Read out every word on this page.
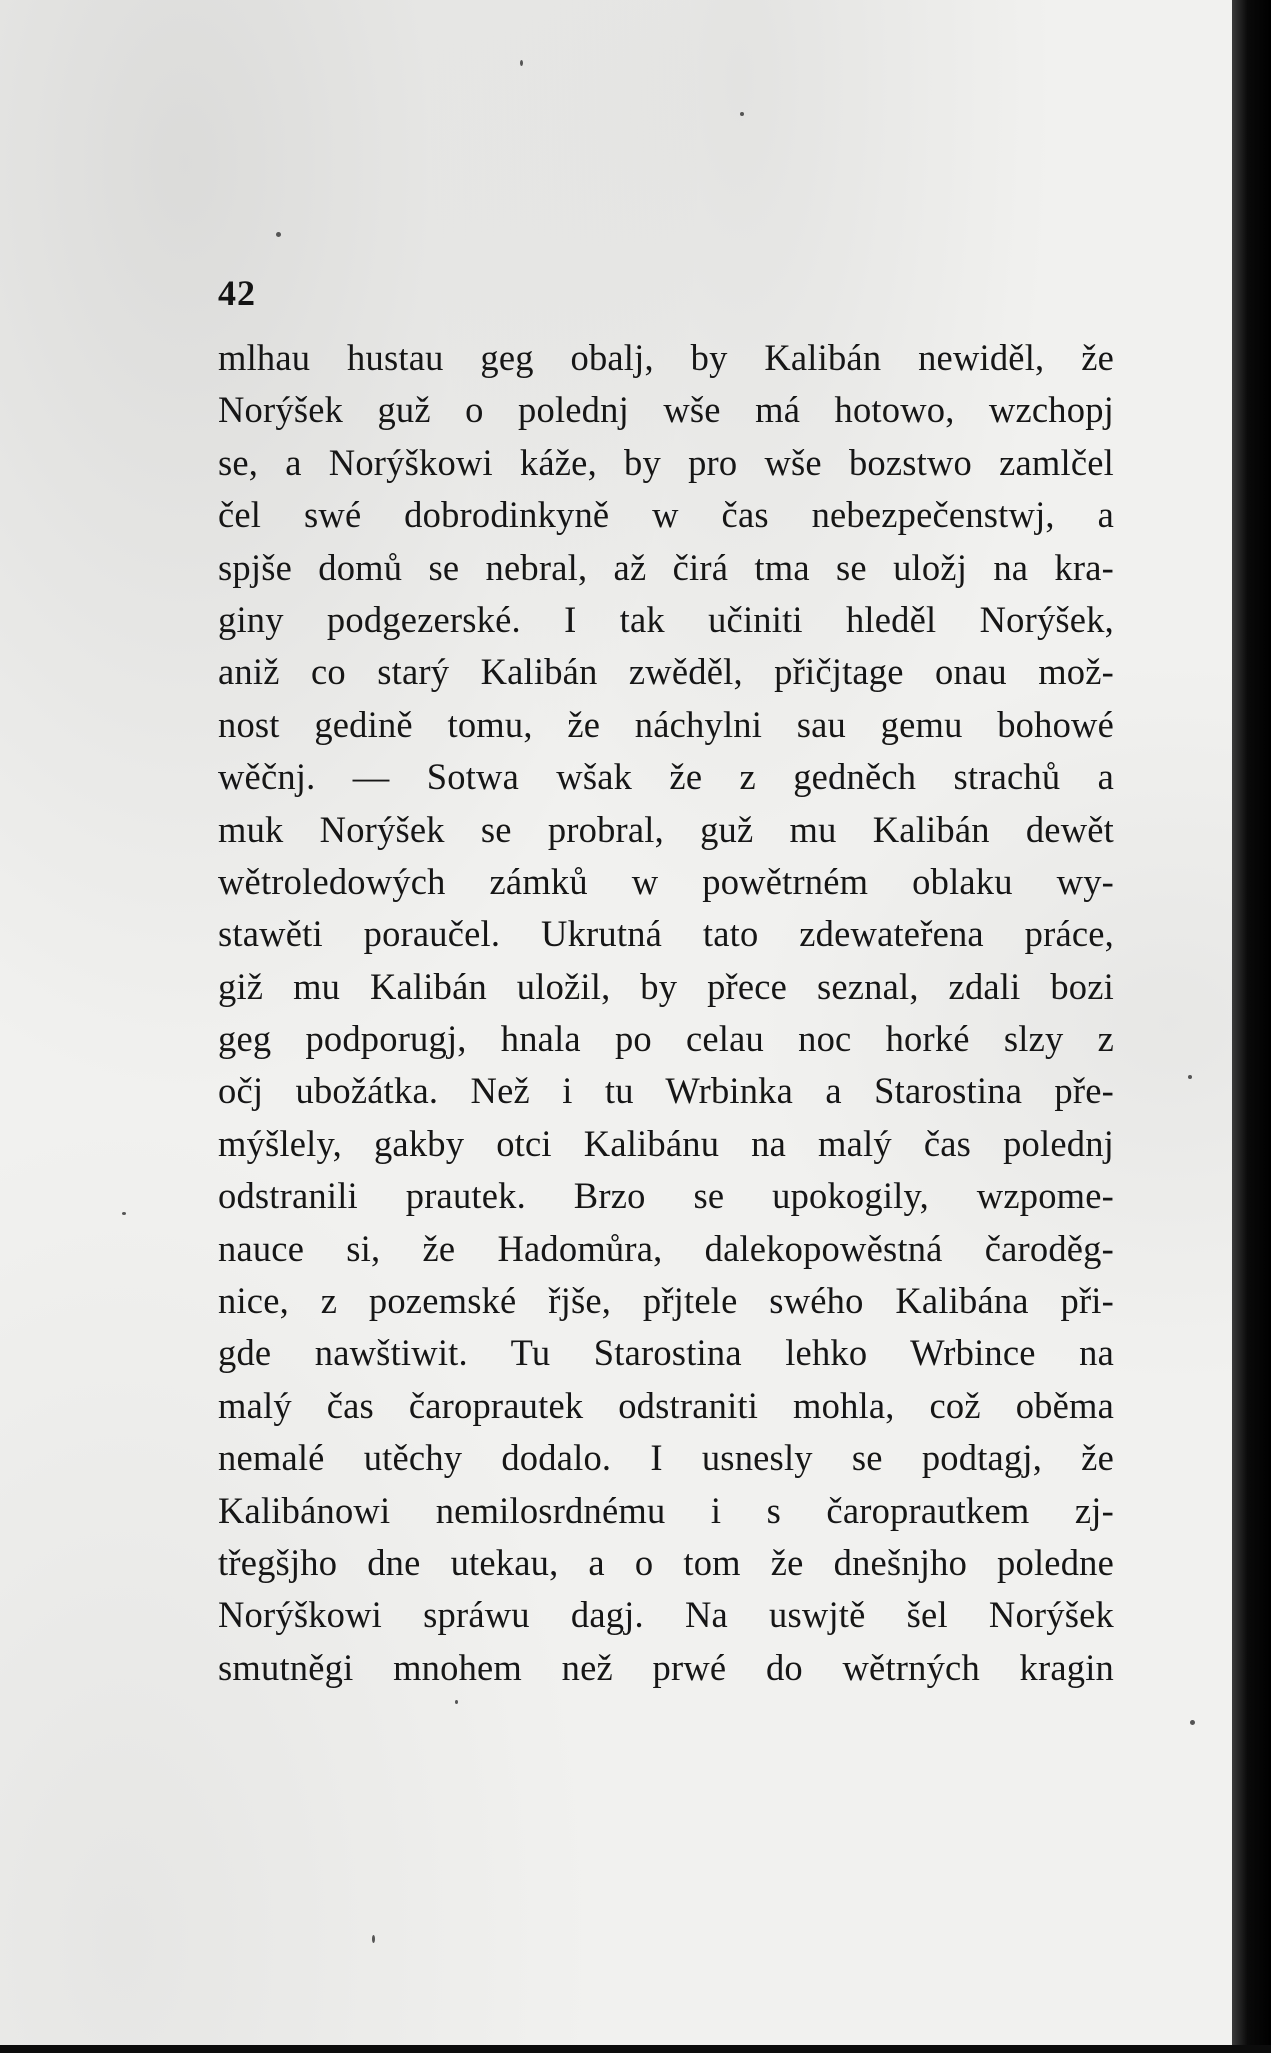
42
mlhau hustau geg obalj, by Kalibán newiděl, že
Norýšek guž o polednj wše má hotowo, wzchopj
se, a Norýškowi káže, by pro wše bozstwo zamlčel
čel swé dobrodinkyně w čas nebezpečenstwj, a
spjše domů se nebral, až čirá tma se uložj na kra-
giny podgezerské. I tak učiniti hleděl Norýšek,
aniž co starý Kalibán zwěděl, přičjtage onau mož-
nost gedině tomu, že náchylni sau gemu bohowé
wěčnj. — Sotwa wšak že z gedněch strachů a
muk Norýšek se probral, guž mu Kalibán dewět
wětroledowých zámků w powětrném oblaku wy-
stawěti poraučel. Ukrutná tato zdewateřena práce,
giž mu Kalibán uložil, by přece seznal, zdali bozi
geg podporugj, hnala po celau noc horké slzy z
očj ubožátka. Než i tu Wrbinka a Starostina pře-
mýšlely, gakby otci Kalibánu na malý čas polednj
odstranili prautek. Brzo se upokogily, wzpome-
nauce si, že Hadomůra, dalekopowěstná čaroděg-
nice, z pozemské řjše, přjtele swého Kalibána při-
gde nawštiwit. Tu Starostina lehko Wrbince na
malý čas čaroprautek odstraniti mohla, což oběma
nemalé utěchy dodalo. I usnesly se podtagj, že
Kalibánowi nemilosrdnému i s čaroprautkem zj-
třegšjho dne utekau, a o tom že dnešnjho poledne
Norýškowi spráwu dagj. Na uswjtě šel Norýšek
smutněgi mnohem než prwé do wětrných kragin
